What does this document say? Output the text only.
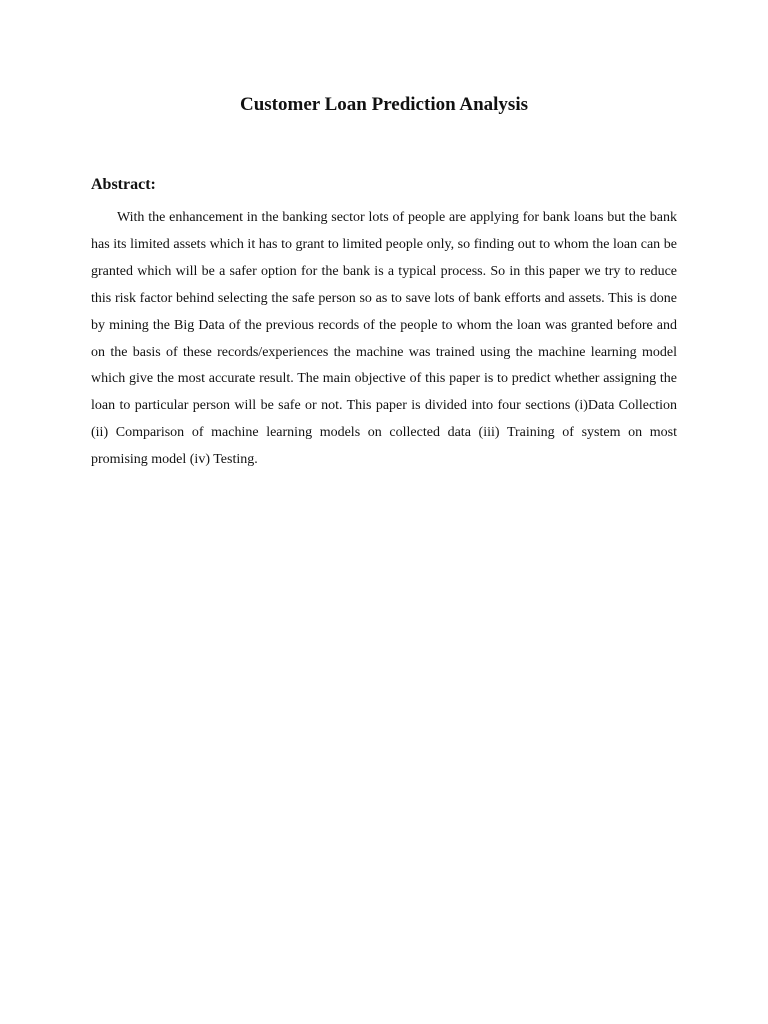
Customer Loan Prediction Analysis
Abstract:

With the enhancement in the banking sector lots of people are applying for bank loans but the bank has its limited assets which it has to grant to limited people only, so finding out to whom the loan can be granted which will be a safer option for the bank is a typical process. So in this paper we try to reduce this risk factor behind selecting the safe person so as to save lots of bank efforts and assets. This is done by mining the Big Data of the previous records of the people to whom the loan was granted before and on the basis of these records/experiences the machine was trained using the machine learning model which give the most accurate result. The main objective of this paper is to predict whether assigning the loan to particular person will be safe or not. This paper is divided into four sections (i)Data Collection (ii) Comparison of machine learning models on collected data (iii) Training of system on most promising model (iv) Testing.
